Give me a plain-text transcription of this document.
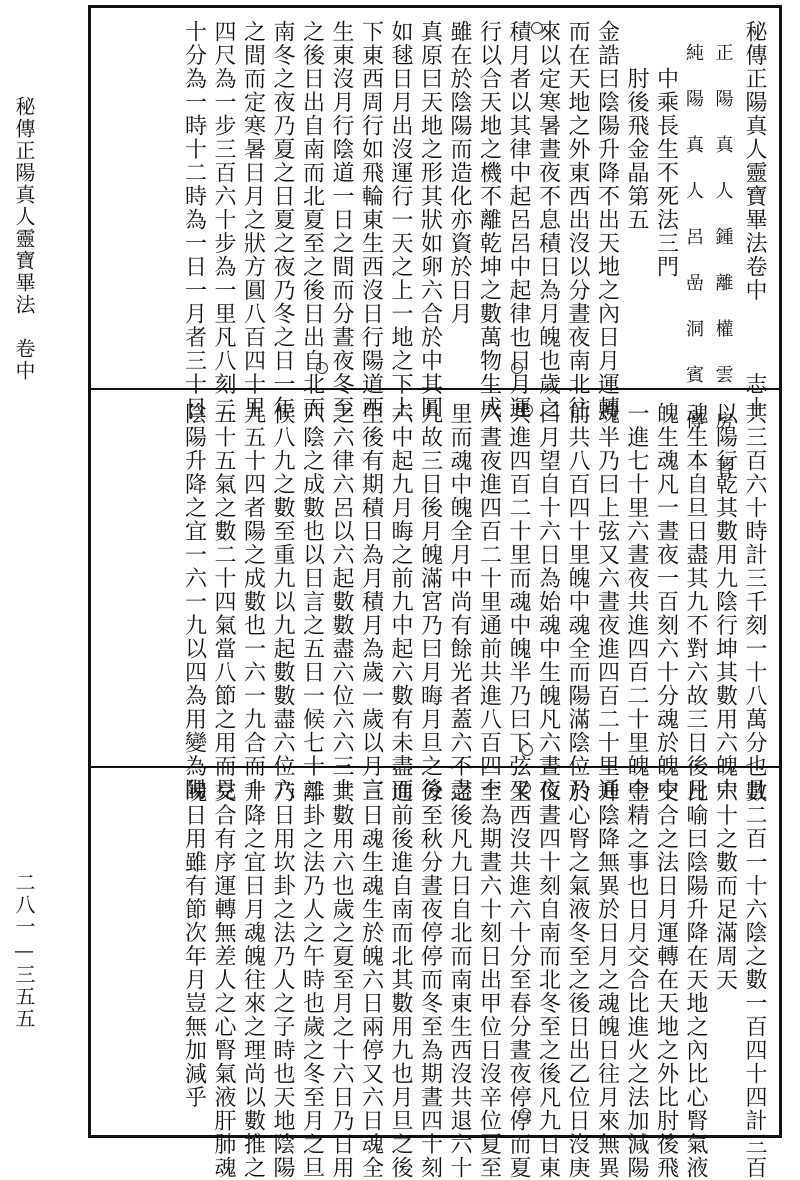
秘傳正陽真人靈寶畢法　卷中
二八一—三五五
秘傳正陽真人靈寶畢法卷中　　　志十
　正　陽　真　人　鍾　離　權　雲　房　著
　純　陽　真　人　呂　嵒　洞　賓　傳
　　中乘長生不死法三門
　　肘後飛金晶第五
金誥曰陰陽升降不出天地之內日月運轉
而在天地之外東西出沒以分晝夜南北往
來以定寒暑晝夜不息積日為月魄也歲之
積月者以其律中起呂呂中起律也日月運
行以合天地之機不離乾坤之數萬物生成
雖在於陰陽而造化亦資於日月
真原曰天地之形其狀如卵六合於中其圓
如毬日月出沒運行一天之上一地之下上
下東西周行如飛輪東生西沒日行陽道西
生東沒月行陰道一日之間而分晝夜冬至
之後日出自南而北夏至之後日出自北而
南冬之夜乃夏之日夏之夜乃冬之日一年
之間而定寒暑日月之狀方圓八百四十里
四尺為一步三百六十步為一里凡八刻二
十分為一時十二時為一日一月者三十日
共三百六十時計三千刻一十八萬分也且
以陽行乾其數用九陰行坤其數用六魄中
魂生本自旦日盡其九不對六故三日後月
魄生魂凡一晝夜一百刻六十分魂於魄中
一進七十里六晝夜共進四百二十里魄中
魂半乃曰上弦又六晝夜進四百二十里通
前共八百四十里魄中魂全而陽滿陰位乃
曰月望自十六日為始魂中生魄凡六晝夜
共進四百二十里而魂中魄半乃曰下弦又
六晝夜進四百二十里通前共進八百四十
里而魂中魄全月中尚有餘光者蓋六不盡
九故三日後月魄滿宮乃曰月晦月旦之後
六中起九月晦之前九中起六數有未盡而
生後有期積日為月積月為歲一歲以月言
之六律六呂以六起數數盡六位六六三十
六陰之成數也以日言之五日一候七十二
候八九之數至重九以九起數數盡六位六
九五十四者陽之成數也一六一九合而十
五十五氣之數二十四氣當八節之用而見
陰陽升降之宜一六一九以四為用變為陽
數二百一十六陰之數一百四十四計三百
六十之數而足滿周天
比喻曰陰陽升降在天地之內比心腎氣液
交合之法日月運轉在天地之外比肘後飛
金精之事也日月交合比進火之法加減陽
升陰降無異於日月之魂魄日往月來無異
於心腎之氣液冬至之後日出乙位日沒庚
位晝四十刻自南而北冬至之後凡九日東
生西沒共進六十分至春分晝夜停停而夏
至為期晝六十刻日出甲位日沒辛位夏至
之後凡九日自北而南東生西沒共退六十
分至秋分晝夜停停而冬至為期晝四十刻
進前後進自南而北其數用九也月旦之後
三日魂生魂生於魄六日兩停又六日魂全
其數用六也歲之夏至月之十六日乃日用
離卦之法乃人之午時也歲之冬至月之旦
乃日用坎卦之法乃人之子時也天地陰陽
升降之宜日月魂魄往來之理尚以數推之
交合有序運轉無差人之心腎氣液肝肺魂
魄日用雖有節次年月豈無加減乎
